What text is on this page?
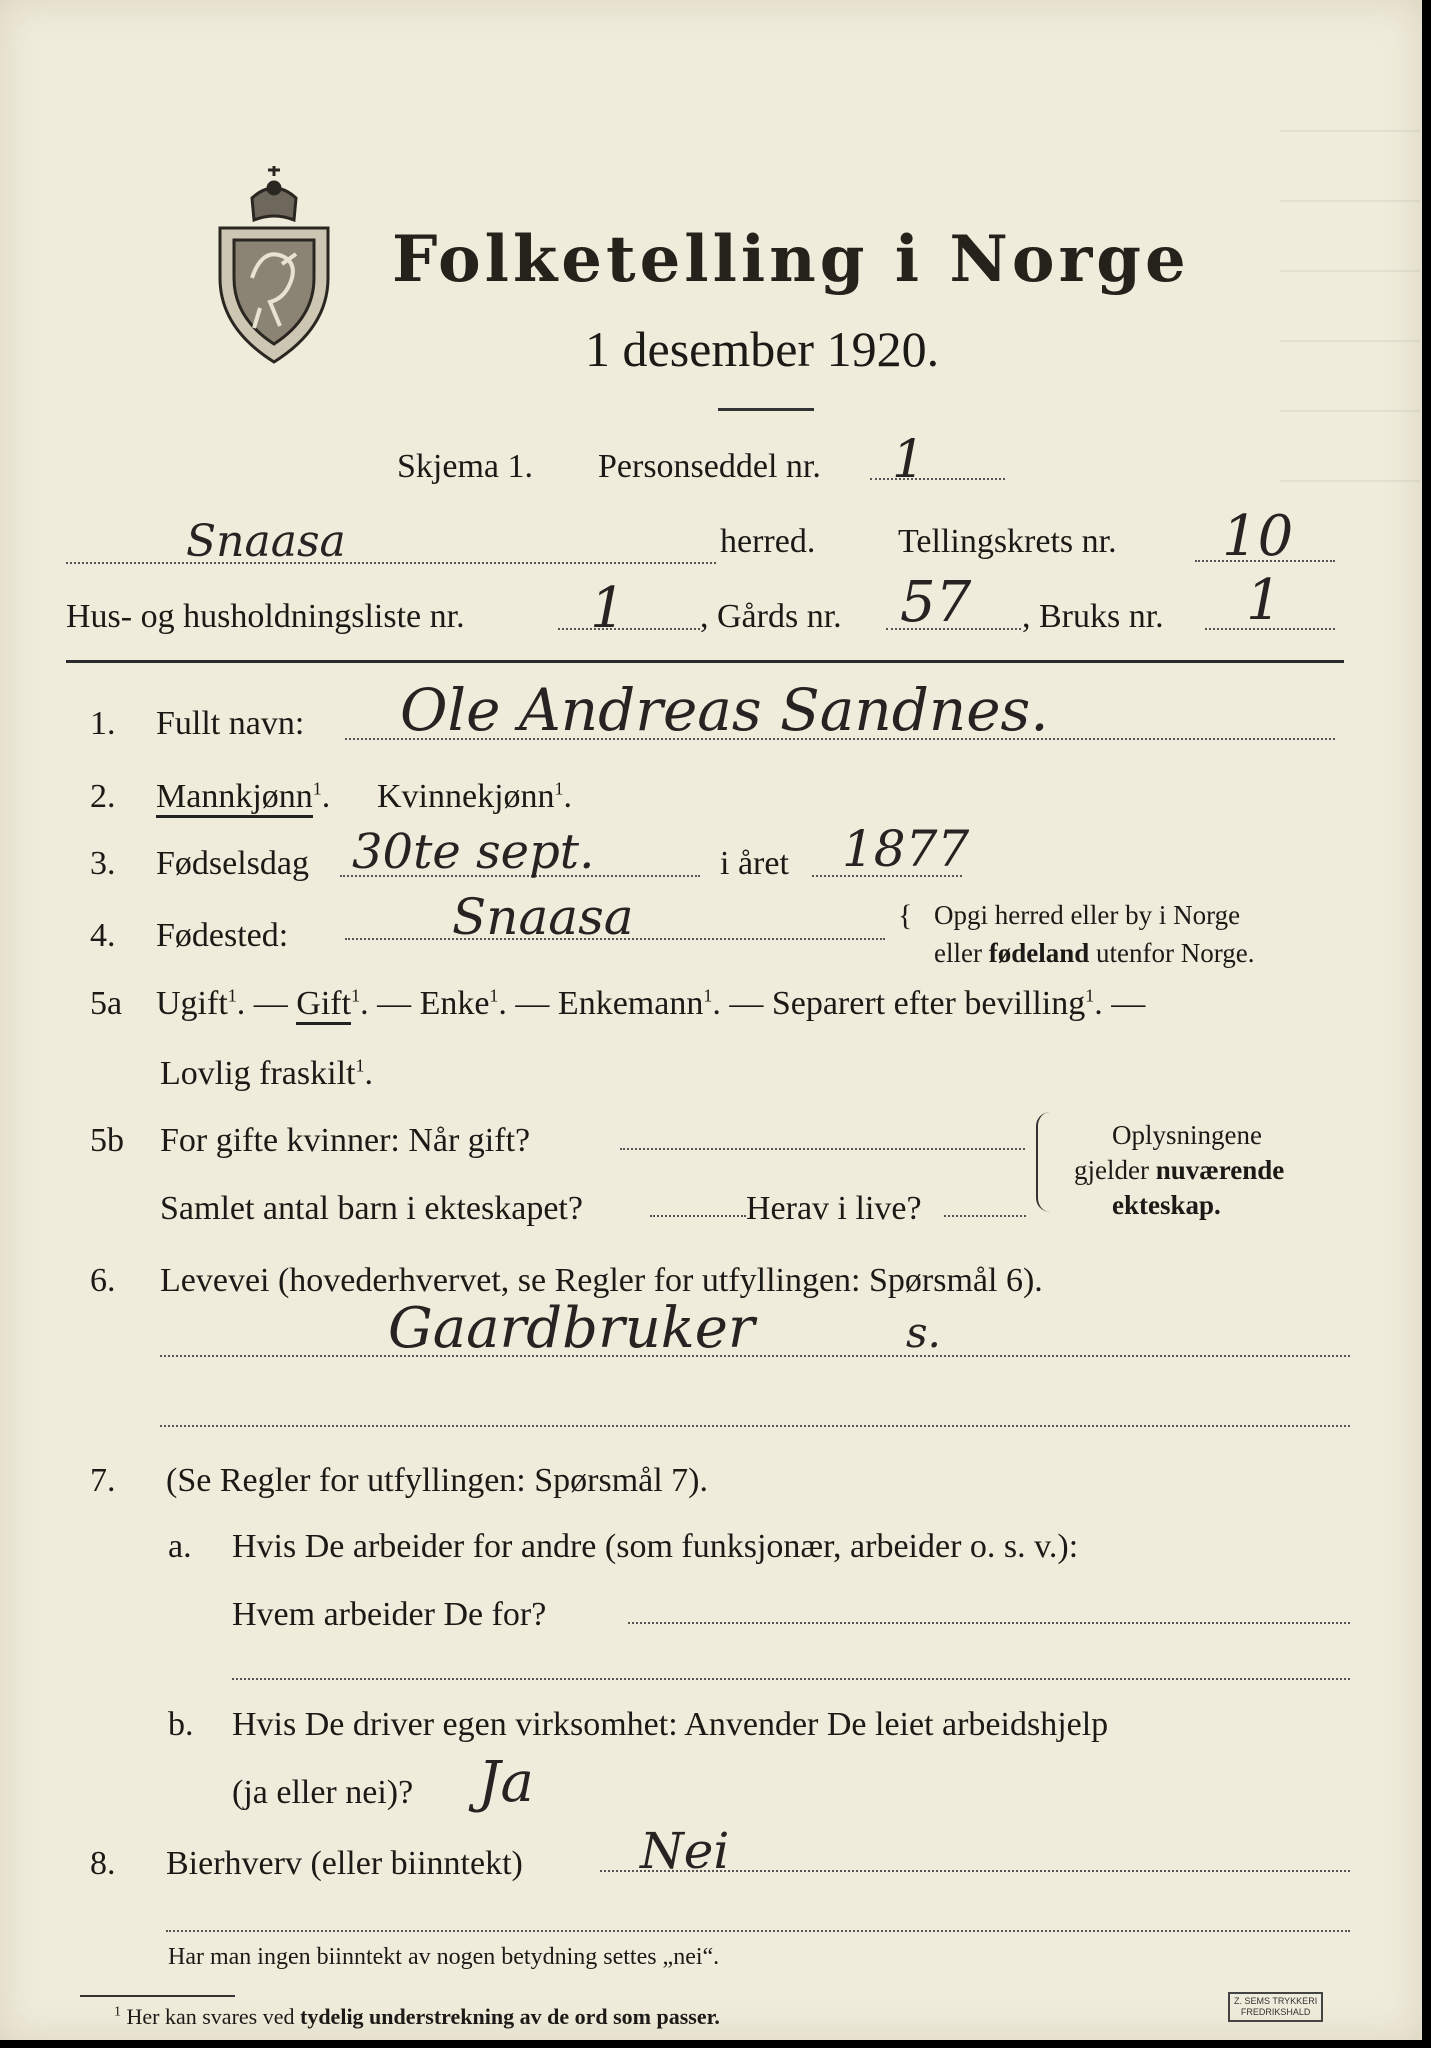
Folketelling i Norge
1 desember 1920.
Skjema 1. Personseddel nr. 1
Snaasa	herred. Tellingskrets nr. 10
Hus- og husholdningsliste nr. 1 , Gårds nr. 57 , Bruks nr. 1
1. Fullt navn: Ole Andreas Sandnes.
2. Mannkjønn$^1$. Kvinnekjønn$^1$.
3. Fødselsdag 30te sept.	i året 1877
4. Fødested:	Snaasa	{ Opgi herred eller by i Norge
eller fødeland utenfor Norge.
5a Ugift$^1$. — Gift$^1$. — Enke$^1$. — Enkemann$^1$. — Separert efter bevilling$^1$. —
Lovlig fraskilt$^1$.
5b For gifte kvinner: Når gift?
Samlet antal barn i ekteskapet?	Herav i live?
Oplysningene
gjelder nuværende
ekteskap.
6. Levevei (hovederhvervet, se Regler for utfyllingen: Spørsmål 6).
Gaardbruker	s.
7. (Se Regler for utfyllingen: Spørsmål 7).
a. Hvis De arbeider for andre (som funksjonær, arbeider o. s. v.):
Hvem arbeider De for?
b. Hvis De driver egen virksomhet: Anvender De leiet arbeidshjelp
(ja eller nei)? Ja
8. Bierhverv (eller biinntekt) Nei
Har man ingen biinntekt av nogen betydning settes „nei“.
$^1$ Her kan svares ved tydelig understrekning av de ord som passer.
Z. SEMS TRYKKERI
FREDRIKSHALD
